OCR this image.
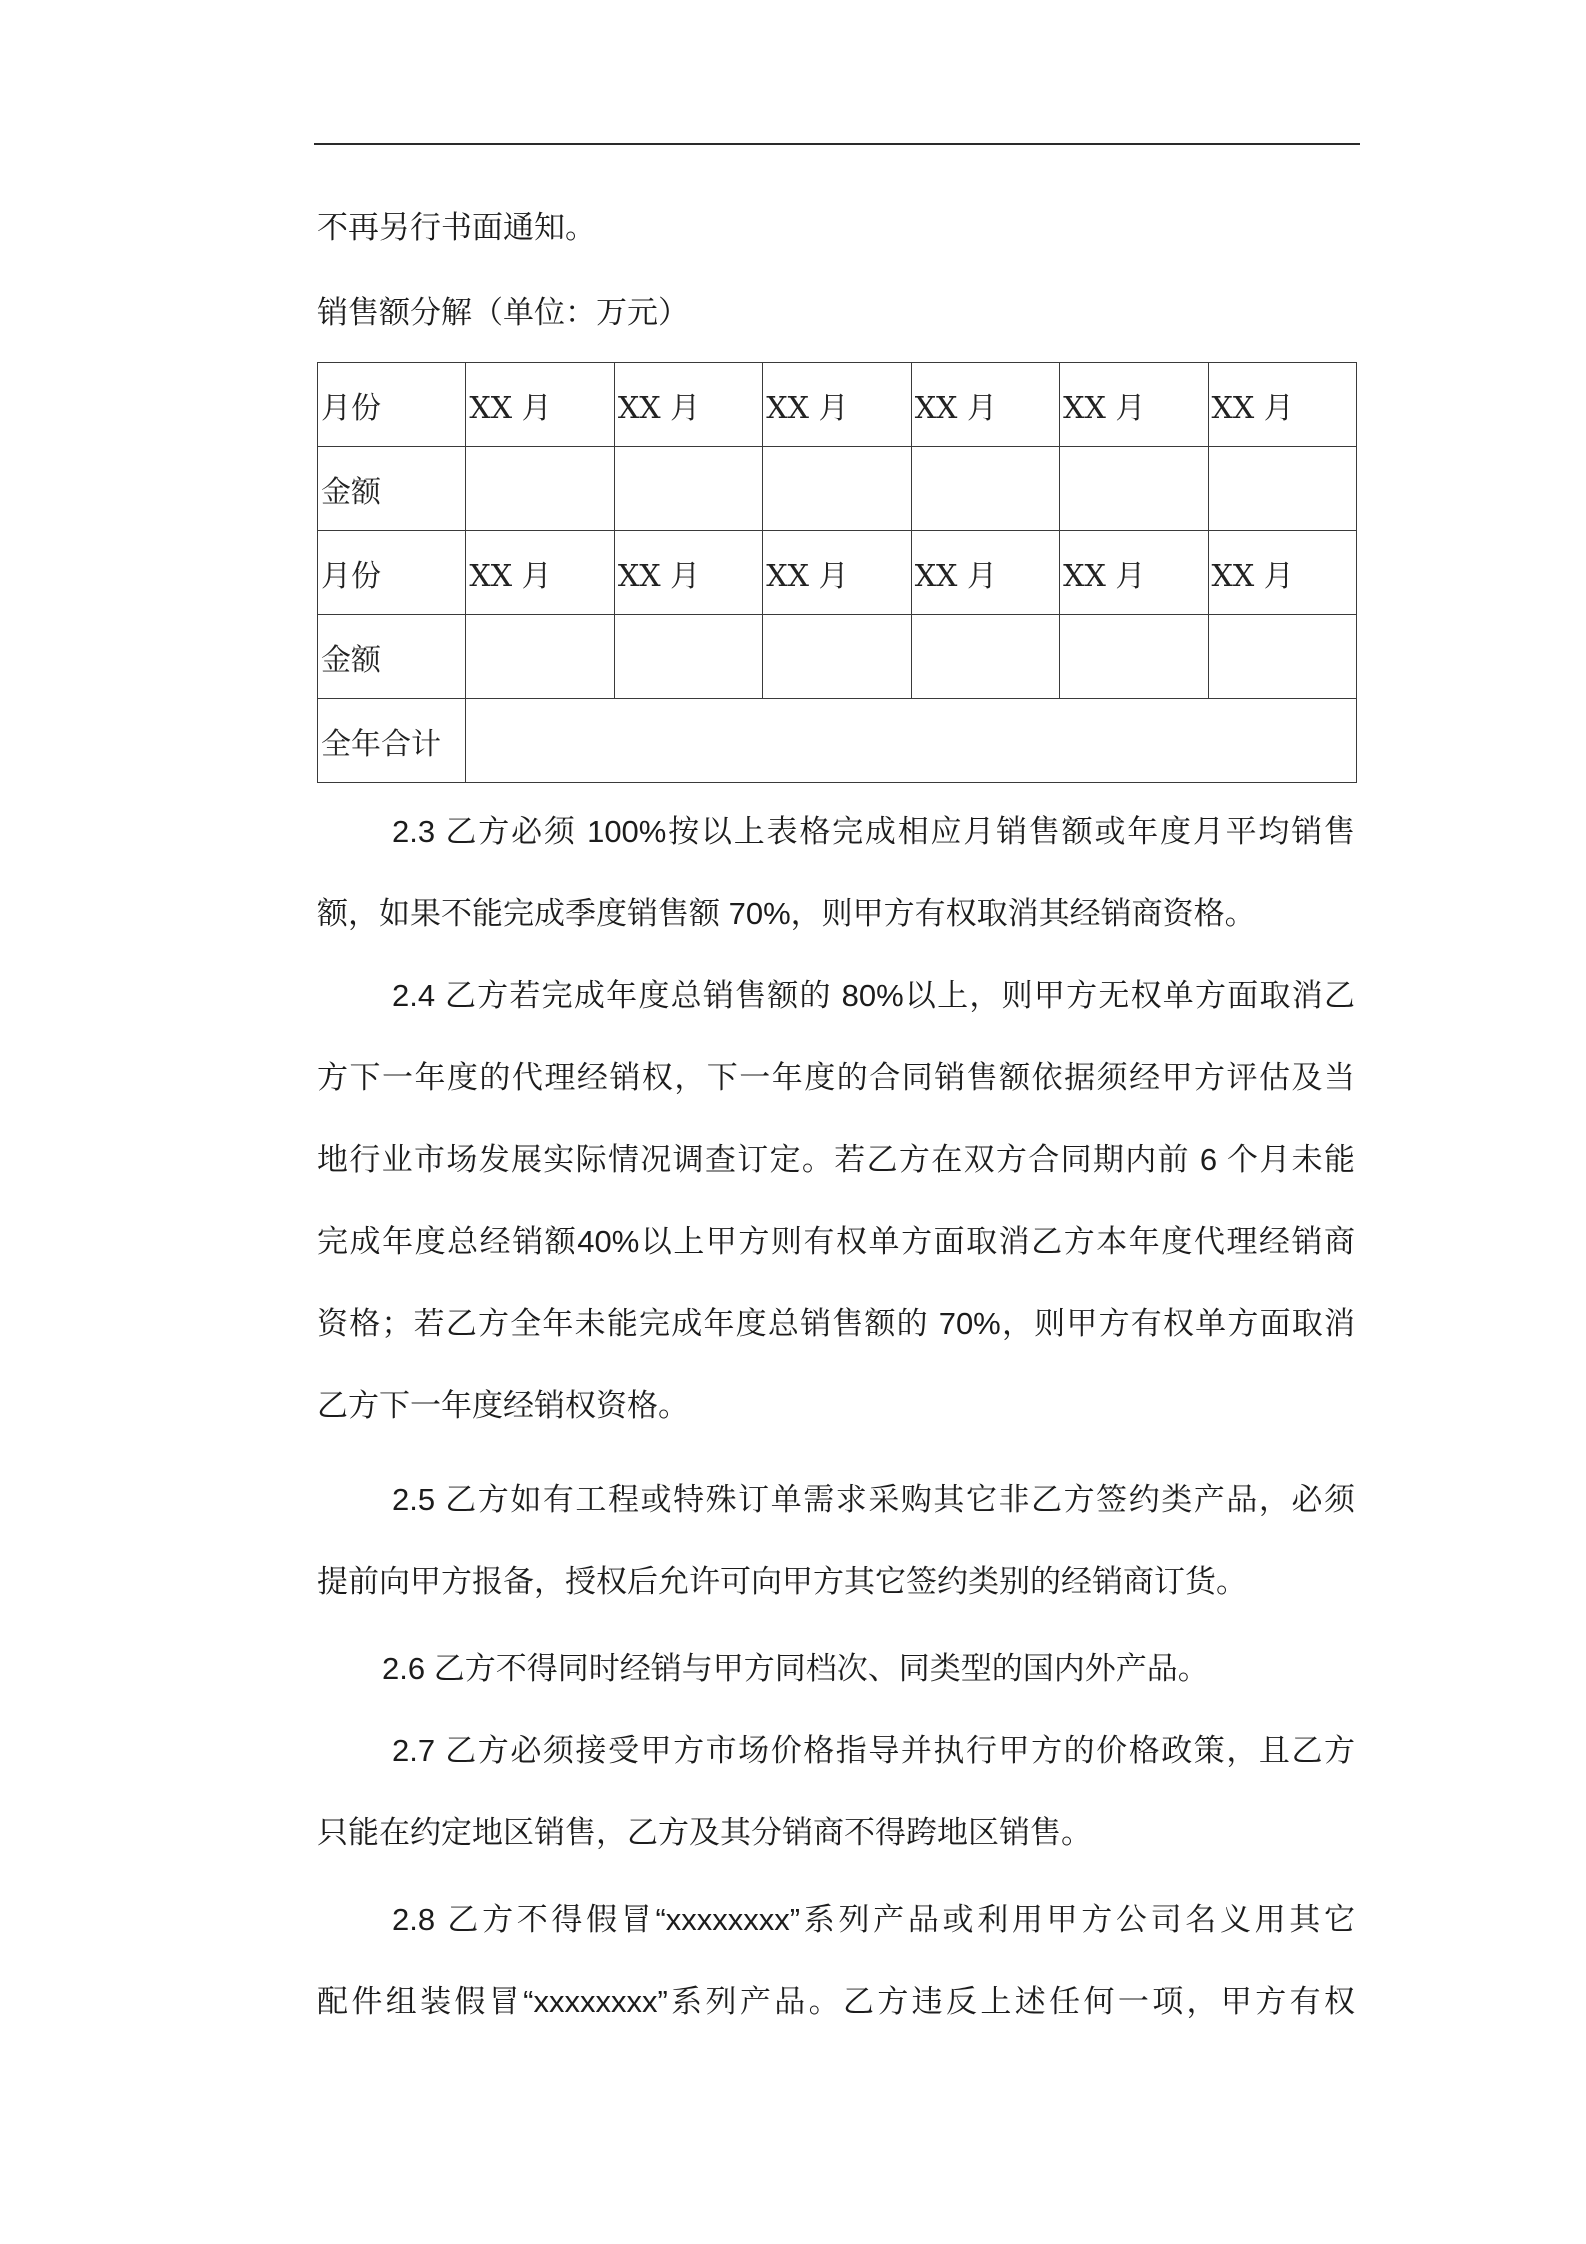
不再另行书面通知。
销售额分解（单位：万元）
月份	XX 月	XX 月	XX 月	XX 月	XX 月	XX 月
金额						
月份	XX 月	XX 月	XX 月	XX 月	XX 月	XX 月
金额						
全年合计						
2.3 乙方必须 100%按以上表格完成相应月销售额或年度月平均销售
额，如果不能完成季度销售额 70%，则甲方有权取消其经销商资格。
2.4 乙方若完成年度总销售额的 80%以上，则甲方无权单方面取消乙
方下一年度的代理经销权，下一年度的合同销售额依据须经甲方评估及当
地行业市场发展实际情况调查订定。若乙方在双方合同期内前 6 个月未能
完成年度总经销额40%以上甲方则有权单方面取消乙方本年度代理经销商
资格；若乙方全年未能完成年度总销售额的 70%，则甲方有权单方面取消
乙方下一年度经销权资格。
2.5 乙方如有工程或特殊订单需求采购其它非乙方签约类产品，必须
提前向甲方报备，授权后允许可向甲方其它签约类别的经销商订货。
2.6 乙方不得同时经销与甲方同档次、同类型的国内外产品。
2.7 乙方必须接受甲方市场价格指导并执行甲方的价格政策，且乙方
只能在约定地区销售，乙方及其分销商不得跨地区销售。
2.8 乙方不得假冒“xxxxxxxx”系列产品或利用甲方公司名义用其它
配件组装假冒“xxxxxxxx”系列产品。乙方违反上述任何一项，甲方有权
